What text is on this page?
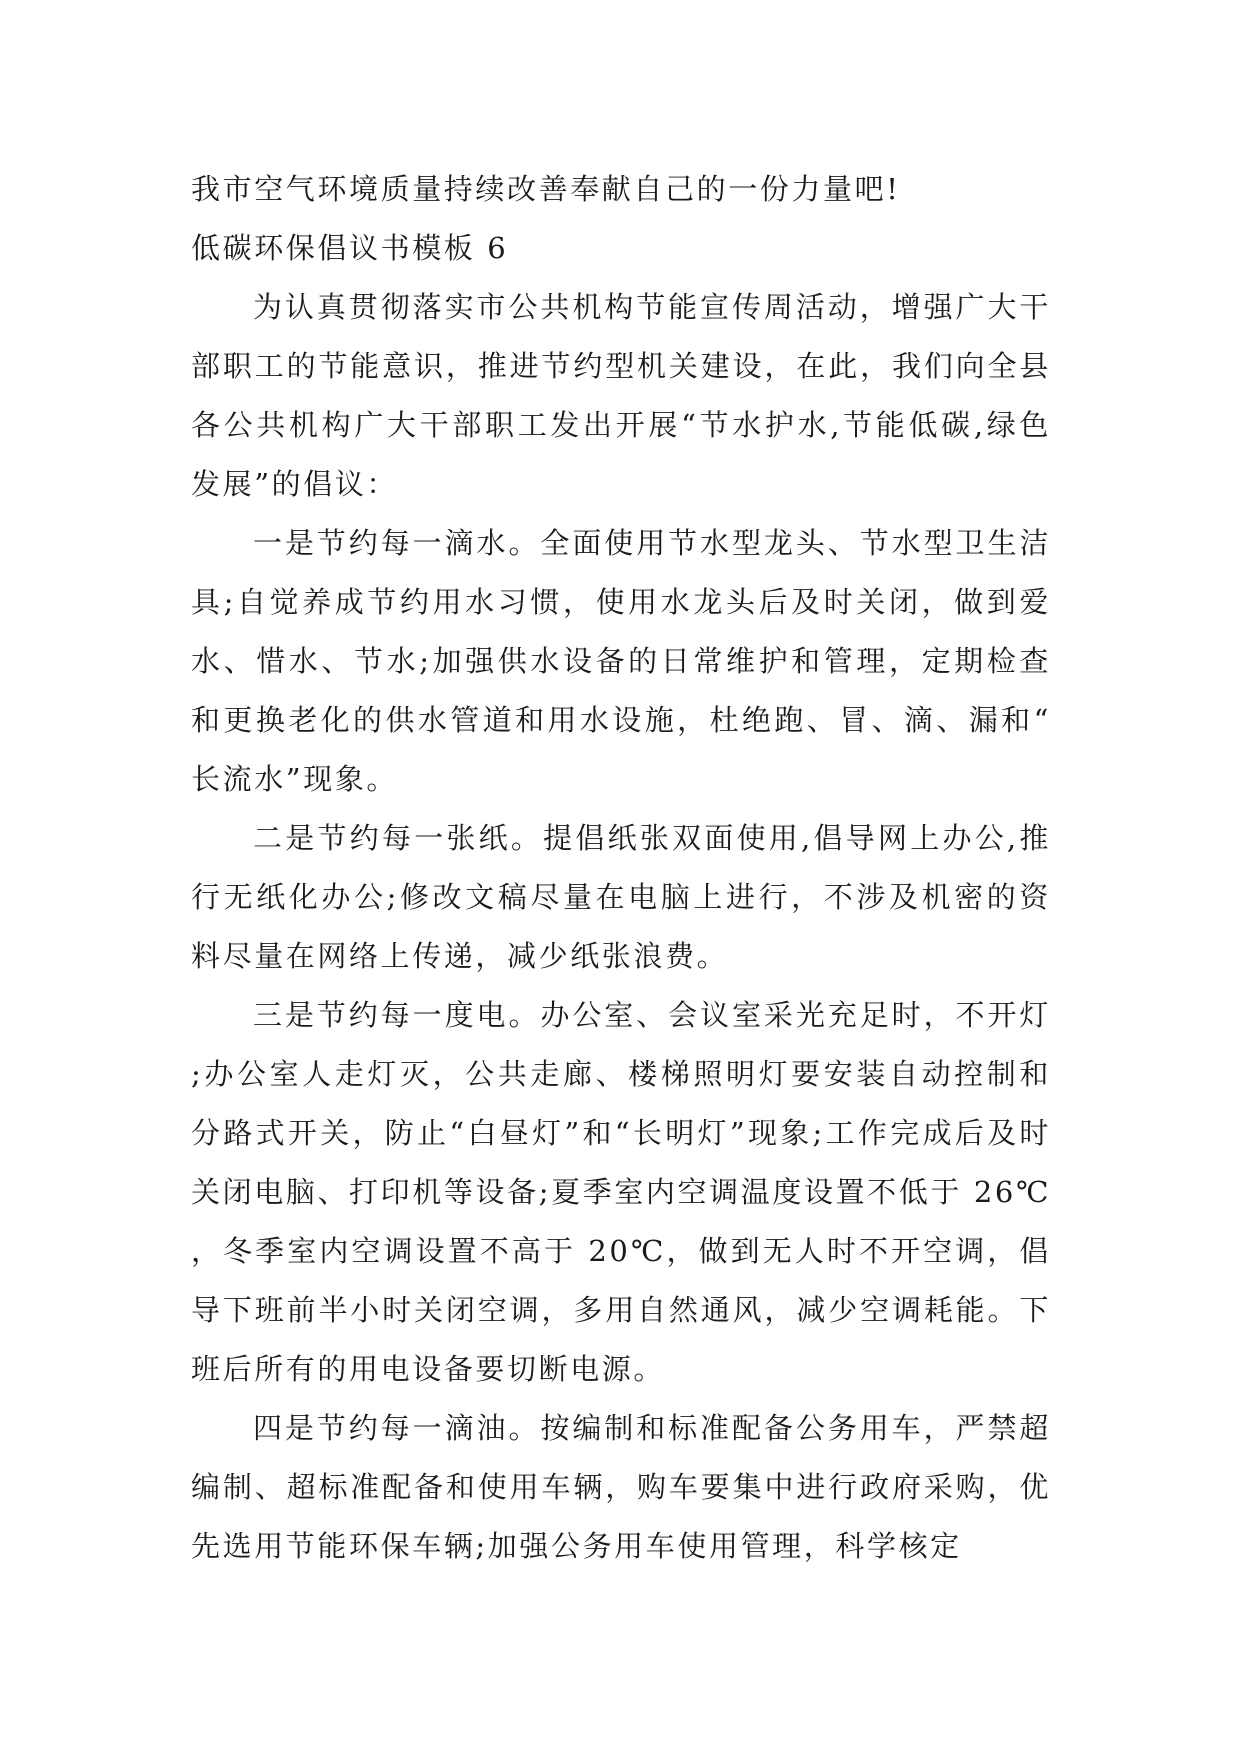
我市空气环境质量持续改善奉献自己的一份力量吧!

低碳环保倡议书模板 6

为认真贯彻落实市公共机构节能宣传周活动，增强广大干部职工的节能意识，推进节约型机关建设，在此，我们向全县各公共机构广大干部职工发出开展“节水护水,节能低碳,绿色发展”的倡议：

一是节约每一滴水。全面使用节水型龙头、节水型卫生洁具;自觉养成节约用水习惯，使用水龙头后及时关闭，做到爱水、惜水、节水;加强供水设备的日常维护和管理，定期检查和更换老化的供水管道和用水设施，杜绝跑、冒、滴、漏和“长流水”现象。

二是节约每一张纸。提倡纸张双面使用,倡导网上办公,推行无纸化办公;修改文稿尽量在电脑上进行，不涉及机密的资料尽量在网络上传递，减少纸张浪费。

三是节约每一度电。办公室、会议室采光充足时，不开灯;办公室人走灯灭，公共走廊、楼梯照明灯要安装自动控制和分路式开关，防止“白昼灯”和“长明灯”现象;工作完成后及时关闭电脑、打印机等设备;夏季室内空调温度设置不低于 26℃，冬季室内空调设置不高于 20℃，做到无人时不开空调，倡导下班前半小时关闭空调，多用自然通风，减少空调耗能。下班后所有的用电设备要切断电源。

四是节约每一滴油。按编制和标准配备公务用车，严禁超编制、超标准配备和使用车辆，购车要集中进行政府采购，优先选用节能环保车辆;加强公务用车使用管理，科学核定
